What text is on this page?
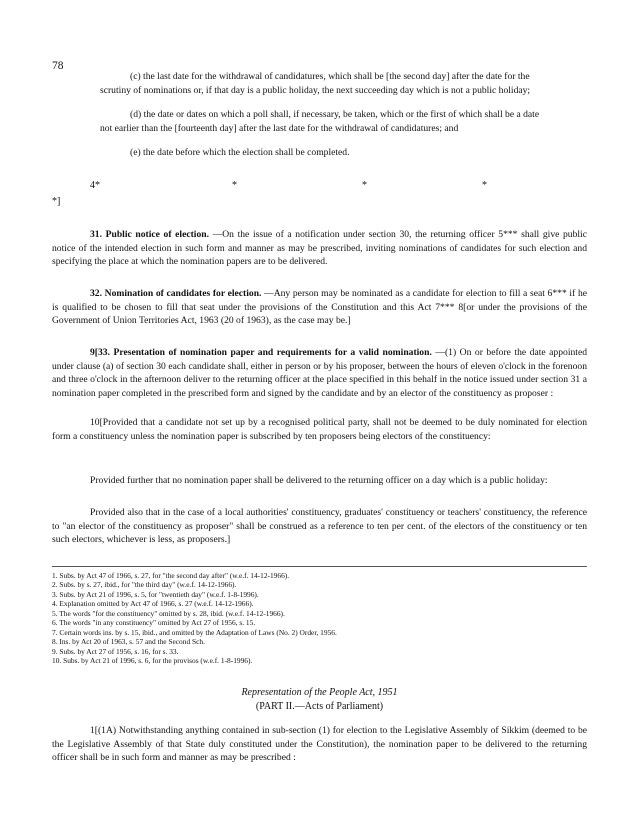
78
(c) the last date for the withdrawal of candidatures, which shall be [the second day] after the date for the
scrutiny of nominations or, if that day is a public holiday, the next succeeding day which is not a public holiday;
(d) the date or dates on which a poll shall, if necessary, be taken, which or the first of which shall be a date
not earlier than the [fourteenth day] after the last date for the withdrawal of candidatures; and
(e) the date before which the election shall be completed.
4*	*	*	*
*]
31. Public notice of election. —On the issue of a notification under section 30, the returning officer 5*** shall give public notice of the intended election in such form and manner as may be prescribed, inviting nominations of candidates for such election and specifying the place at which the nomination papers are to be delivered.
32. Nomination of candidates for election. —Any person may be nominated as a candidate for election to fill a seat 6*** if he is qualified to be chosen to fill that seat under the provisions of the Constitution and this Act 7*** 8[or under the provisions of the Government of Union Territories Act, 1963 (20 of 1963), as the case may be.]
9[33. Presentation of nomination paper and requirements for a valid nomination. —(1) On or before the date appointed under clause (a) of section 30 each candidate shall, either in person or by his proposer, between the hours of eleven o'clock in the forenoon and three o'clock in the afternoon deliver to the returning officer at the place specified in this behalf in the notice issued under section 31 a nomination paper completed in the prescribed form and signed by the candidate and by an elector of the constituency as proposer :
10[Provided that a candidate not set up by a recognised political party, shall not be deemed to be duly nominated for election form a constituency unless the nomination paper is subscribed by ten proposers being electors of the constituency:
Provided further that no nomination paper shall be delivered to the returning officer on a day which is a public holiday:
Provided also that in the case of a local authorities' constituency, graduates' constituency or teachers' constituency, the reference to "an elector of the constituency as proposer" shall be construed as a reference to ten per cent. of the electors of the constituency or ten such electors, whichever is less, as proposers.]
1. Subs. by Act 47 of 1966, s. 27, for "the second day after" (w.e.f. 14-12-1966).
2. Subs. by s. 27, ibid., for "the third day" (w.e.f. 14-12-1966).
3. Subs. by Act 21 of 1996, s. 5, for "twentieth day" (w.e.f. 1-8-1996).
4. Explanation omitted by Act 47 of 1966, s. 27 (w.e.f. 14-12-1966).
5. The words "for the constituency" omitted by s. 28, ibid. (w.e.f. 14-12-1966).
6. The words "in any constituency" omitted by Act 27 of 1956, s. 15.
7. Certain words ins. by s. 15, ibid., and omitted by the Adaptation of Laws (No. 2) Order, 1956.
8. Ins. by Act 20 of 1963, s. 57 and the Second Sch.
9. Subs. by Act 27 of 1956, s. 16, for s. 33.
10. Subs. by Act 21 of 1996, s. 6, for the provisos (w.e.f. 1-8-1996).
Representation of the People Act, 1951
(PART II.—Acts of Parliament)
1[(1A) Notwithstanding anything contained in sub-section (1) for election to the Legislative Assembly of Sikkim (deemed to be the Legislative Assembly of that State duly constituted under the Constitution), the nomination paper to be delivered to the returning officer shall be in such form and manner as may be prescribed :
